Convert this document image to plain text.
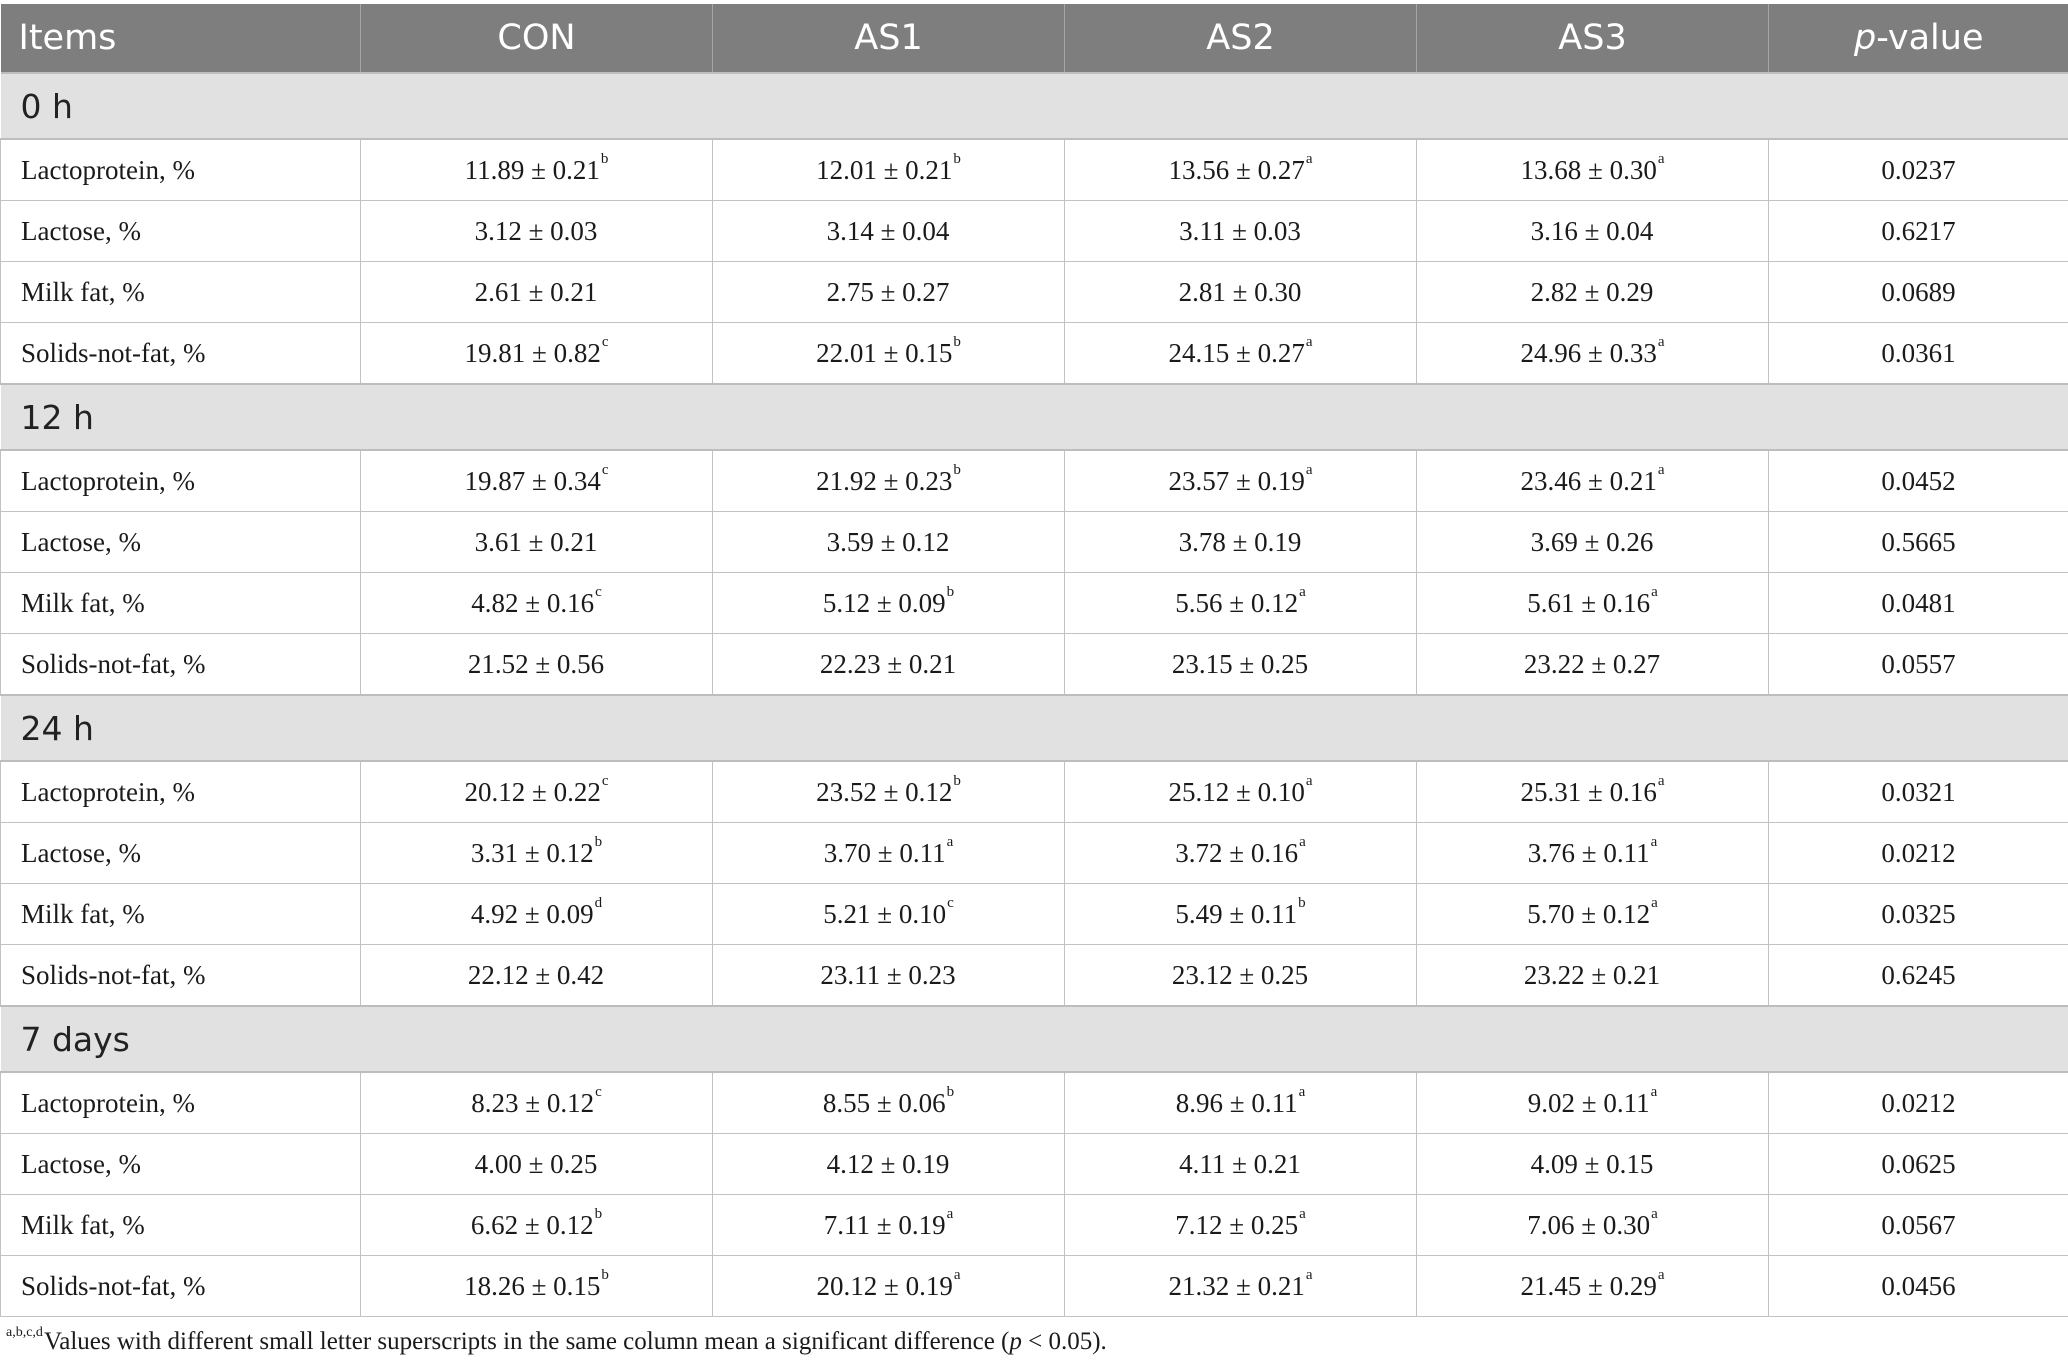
Items	CON	AS1	AS2	AS3	p-value
0 h					
Lactoprotein, %	11.89 ± 0.21$^b$	12.01 ± 0.21$^b$	13.56 ± 0.27$^a$	13.68 ± 0.30$^a$	0.0237
Lactose, %	3.12 ± 0.03	3.14 ± 0.04	3.11 ± 0.03	3.16 ± 0.04	0.6217
Milk fat, %	2.61 ± 0.21	2.75 ± 0.27	2.81 ± 0.30	2.82 ± 0.29	0.0689
Solids-not-fat, %	19.81 ± 0.82$^c$	22.01 ± 0.15$^b$	24.15 ± 0.27$^a$	24.96 ± 0.33$^a$	0.0361
12 h					
Lactoprotein, %	19.87 ± 0.34$^c$	21.92 ± 0.23$^b$	23.57 ± 0.19$^a$	23.46 ± 0.21$^a$	0.0452
Lactose, %	3.61 ± 0.21	3.59 ± 0.12	3.78 ± 0.19	3.69 ± 0.26	0.5665
Milk fat, %	4.82 ± 0.16$^c$	5.12 ± 0.09$^b$	5.56 ± 0.12$^a$	5.61 ± 0.16$^a$	0.0481
Solids-not-fat, %	21.52 ± 0.56	22.23 ± 0.21	23.15 ± 0.25	23.22 ± 0.27	0.0557
24 h					
Lactoprotein, %	20.12 ± 0.22$^c$	23.52 ± 0.12$^b$	25.12 ± 0.10$^a$	25.31 ± 0.16$^a$	0.0321
Lactose, %	3.31 ± 0.12$^b$	3.70 ± 0.11$^a$	3.72 ± 0.16$^a$	3.76 ± 0.11$^a$	0.0212
Milk fat, %	4.92 ± 0.09$^d$	5.21 ± 0.10$^c$	5.49 ± 0.11$^b$	5.70 ± 0.12$^a$	0.0325
Solids-not-fat, %	22.12 ± 0.42	23.11 ± 0.23	23.12 ± 0.25	23.22 ± 0.21	0.6245
7 days					
Lactoprotein, %	8.23 ± 0.12$^c$	8.55 ± 0.06$^b$	8.96 ± 0.11$^a$	9.02 ± 0.11$^a$	0.0212
Lactose, %	4.00 ± 0.25	4.12 ± 0.19	4.11 ± 0.21	4.09 ± 0.15	0.0625
Milk fat, %	6.62 ± 0.12$^b$	7.11 ± 0.19$^a$	7.12 ± 0.25$^a$	7.06 ± 0.30$^a$	0.0567
Solids-not-fat, %	18.26 ± 0.15$^b$	20.12 ± 0.19$^a$	21.32 ± 0.21$^a$	21.45 ± 0.29$^a$	0.0456
$^{a,b,c,d}$Values with different small letter superscripts in the same column mean a significant difference (p < 0.05).
